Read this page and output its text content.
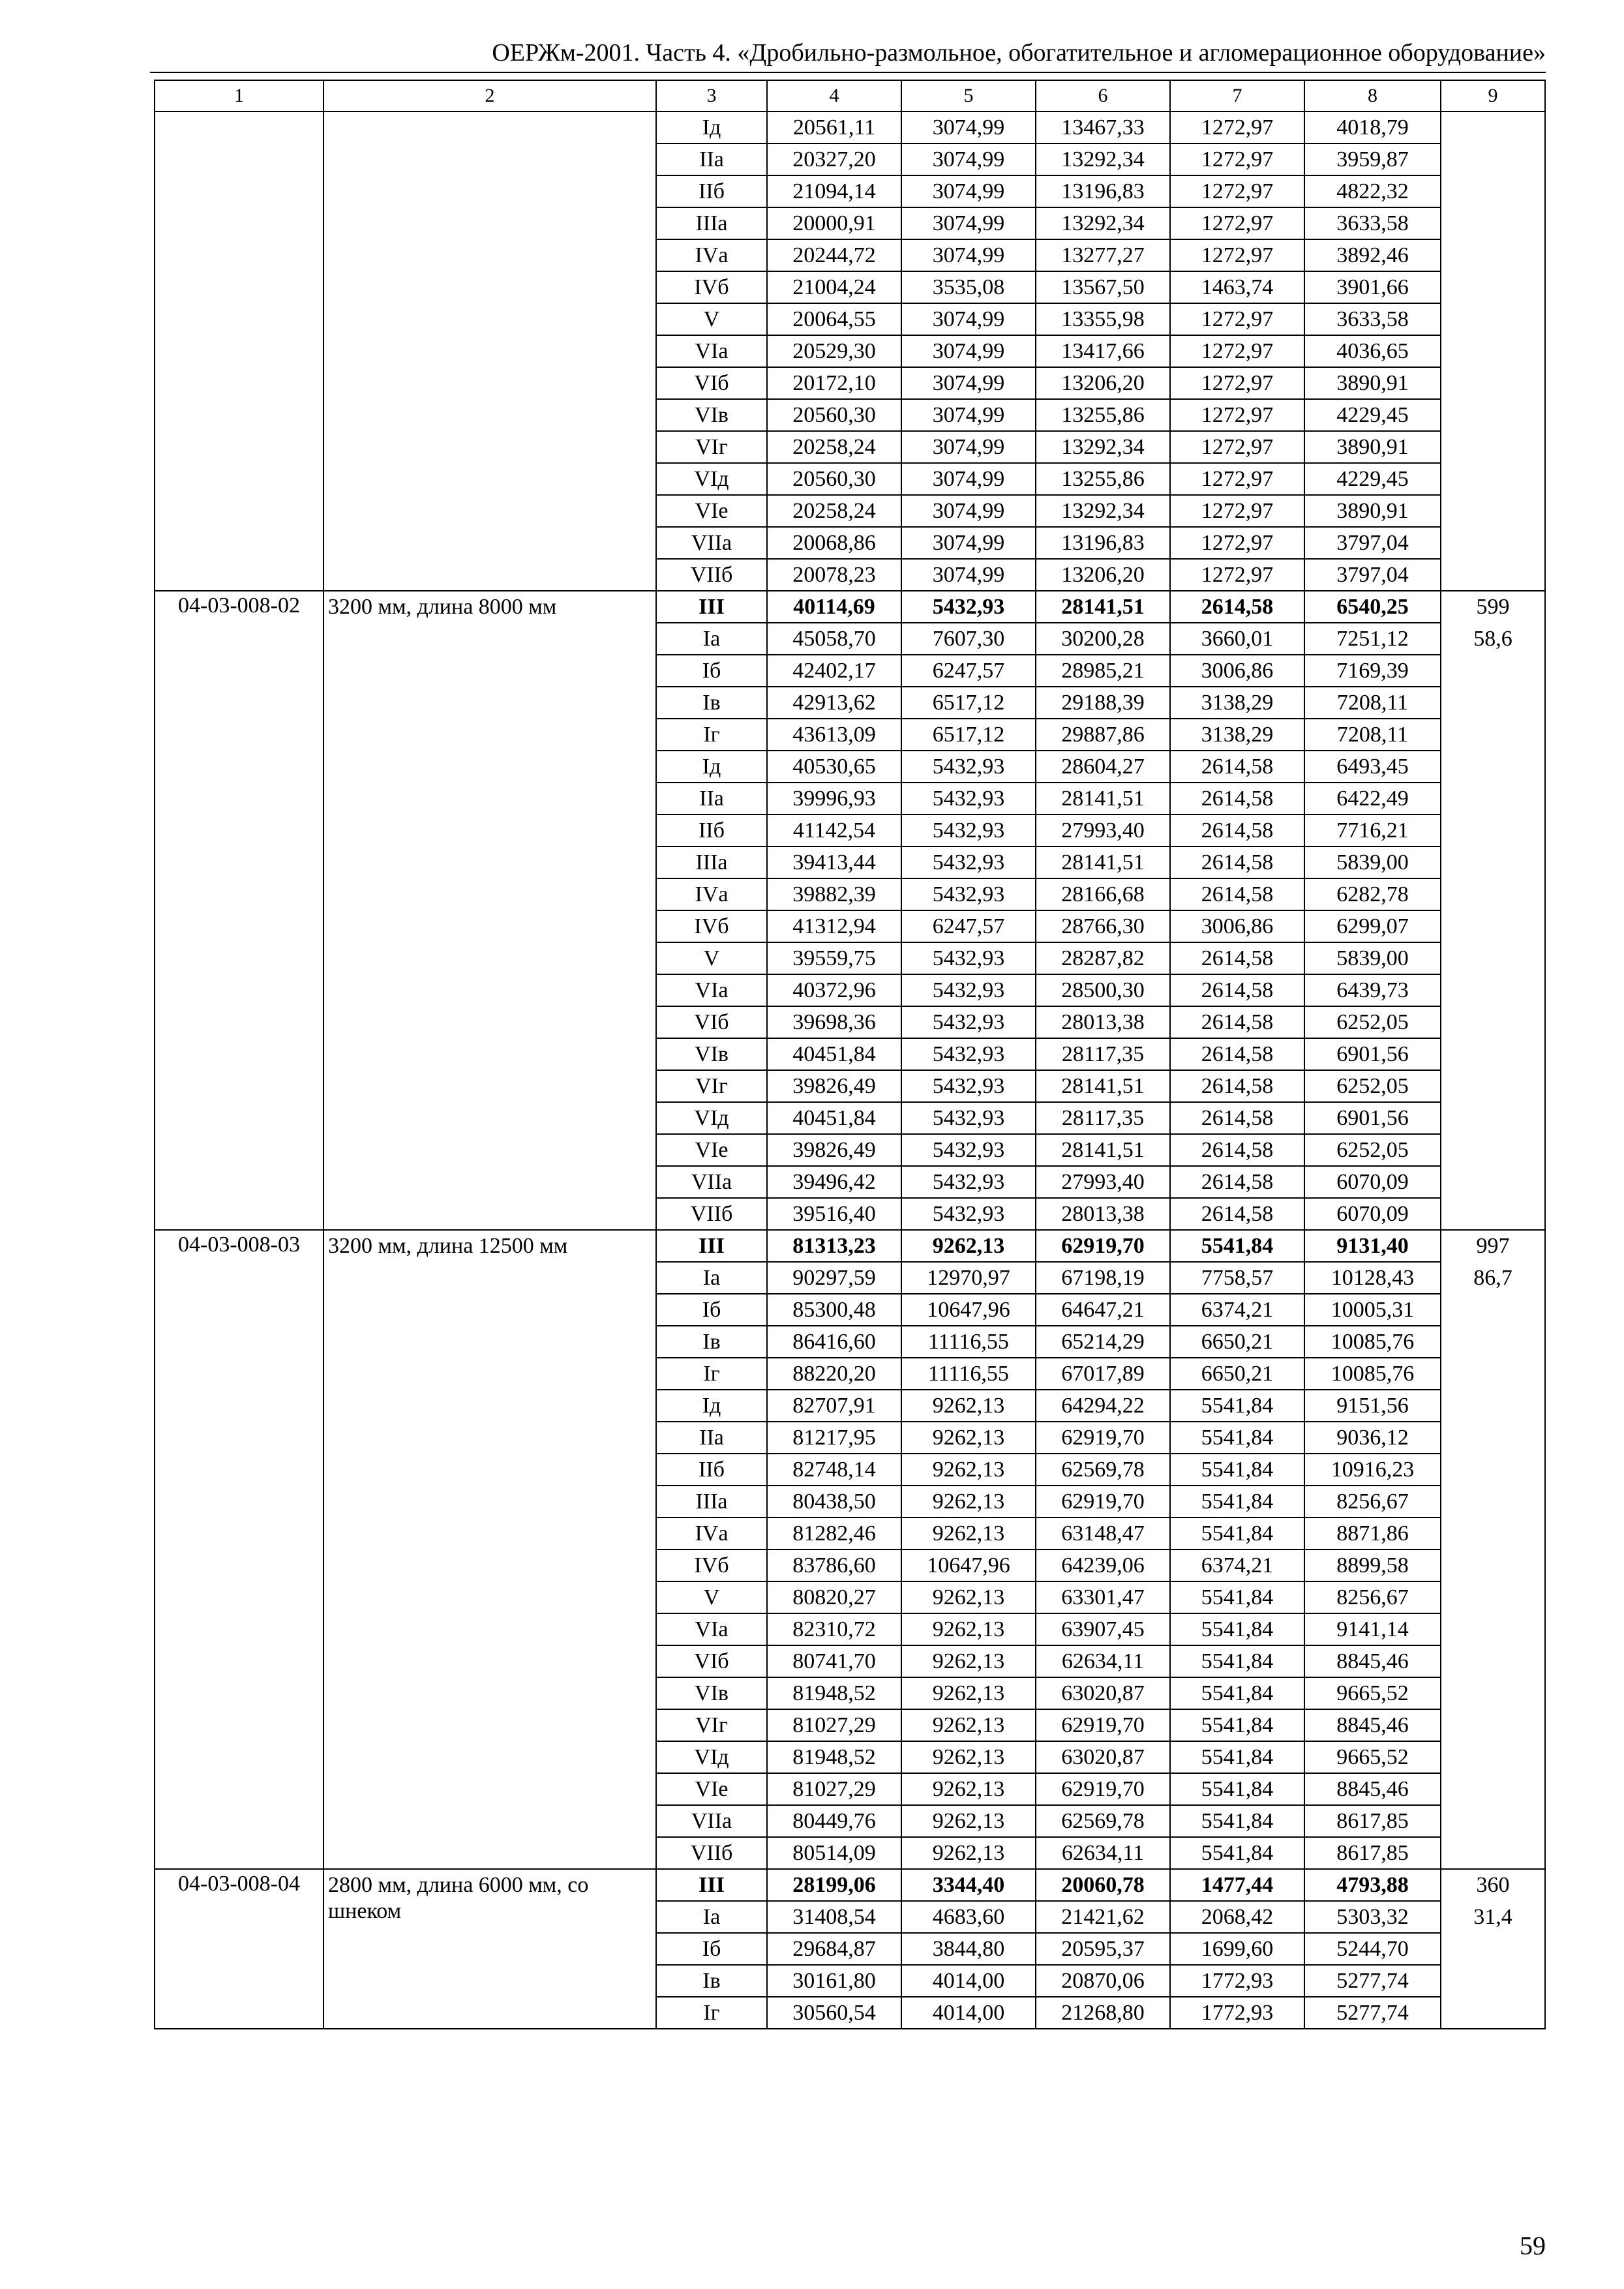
ОЕРЖм-2001. Часть 4. «Дробильно-размольное, обогатительное и агломерационное оборудование»
1	2	3	4	5	6	7	8	9
		Iд	20561,11	3074,99	13467,33	1272,97	4018,79	
		IIа	20327,20	3074,99	13292,34	1272,97	3959,87	
		IIб	21094,14	3074,99	13196,83	1272,97	4822,32	
		IIIа	20000,91	3074,99	13292,34	1272,97	3633,58	
		IVа	20244,72	3074,99	13277,27	1272,97	3892,46	
		IVб	21004,24	3535,08	13567,50	1463,74	3901,66	
		V	20064,55	3074,99	13355,98	1272,97	3633,58	
		VIа	20529,30	3074,99	13417,66	1272,97	4036,65	
		VIб	20172,10	3074,99	13206,20	1272,97	3890,91	
		VIв	20560,30	3074,99	13255,86	1272,97	4229,45	
		VIг	20258,24	3074,99	13292,34	1272,97	3890,91	
		VIд	20560,30	3074,99	13255,86	1272,97	4229,45	
		VIе	20258,24	3074,99	13292,34	1272,97	3890,91	
		VIIа	20068,86	3074,99	13196,83	1272,97	3797,04	
		VIIб	20078,23	3074,99	13206,20	1272,97	3797,04	
04-03-008-02	3200 мм, длина 8000 мм	III	40114,69	5432,93	28141,51	2614,58	6540,25	599
		Iа	45058,70	7607,30	30200,28	3660,01	7251,12	58,6
		Iб	42402,17	6247,57	28985,21	3006,86	7169,39	
		Iв	42913,62	6517,12	29188,39	3138,29	7208,11	
		Iг	43613,09	6517,12	29887,86	3138,29	7208,11	
		Iд	40530,65	5432,93	28604,27	2614,58	6493,45	
		IIа	39996,93	5432,93	28141,51	2614,58	6422,49	
		IIб	41142,54	5432,93	27993,40	2614,58	7716,21	
		IIIа	39413,44	5432,93	28141,51	2614,58	5839,00	
		IVа	39882,39	5432,93	28166,68	2614,58	6282,78	
		IVб	41312,94	6247,57	28766,30	3006,86	6299,07	
		V	39559,75	5432,93	28287,82	2614,58	5839,00	
		VIа	40372,96	5432,93	28500,30	2614,58	6439,73	
		VIб	39698,36	5432,93	28013,38	2614,58	6252,05	
		VIв	40451,84	5432,93	28117,35	2614,58	6901,56	
		VIг	39826,49	5432,93	28141,51	2614,58	6252,05	
		VIд	40451,84	5432,93	28117,35	2614,58	6901,56	
		VIе	39826,49	5432,93	28141,51	2614,58	6252,05	
		VIIа	39496,42	5432,93	27993,40	2614,58	6070,09	
		VIIб	39516,40	5432,93	28013,38	2614,58	6070,09	
04-03-008-03	3200 мм, длина 12500 мм	III	81313,23	9262,13	62919,70	5541,84	9131,40	997
		Iа	90297,59	12970,97	67198,19	7758,57	10128,43	86,7
		Iб	85300,48	10647,96	64647,21	6374,21	10005,31	
		Iв	86416,60	11116,55	65214,29	6650,21	10085,76	
		Iг	88220,20	11116,55	67017,89	6650,21	10085,76	
		Iд	82707,91	9262,13	64294,22	5541,84	9151,56	
		IIа	81217,95	9262,13	62919,70	5541,84	9036,12	
		IIб	82748,14	9262,13	62569,78	5541,84	10916,23	
		IIIа	80438,50	9262,13	62919,70	5541,84	8256,67	
		IVа	81282,46	9262,13	63148,47	5541,84	8871,86	
		IVб	83786,60	10647,96	64239,06	6374,21	8899,58	
		V	80820,27	9262,13	63301,47	5541,84	8256,67	
		VIа	82310,72	9262,13	63907,45	5541,84	9141,14	
		VIб	80741,70	9262,13	62634,11	5541,84	8845,46	
		VIв	81948,52	9262,13	63020,87	5541,84	9665,52	
		VIг	81027,29	9262,13	62919,70	5541,84	8845,46	
		VIд	81948,52	9262,13	63020,87	5541,84	9665,52	
		VIе	81027,29	9262,13	62919,70	5541,84	8845,46	
		VIIа	80449,76	9262,13	62569,78	5541,84	8617,85	
		VIIб	80514,09	9262,13	62634,11	5541,84	8617,85	
04-03-008-04	2800 мм, длина 6000 мм, со шнеком	III	28199,06	3344,40	20060,78	1477,44	4793,88	360
		Iа	31408,54	4683,60	21421,62	2068,42	5303,32	31,4
		Iб	29684,87	3844,80	20595,37	1699,60	5244,70	
		Iв	30161,80	4014,00	20870,06	1772,93	5277,74	
		Iг	30560,54	4014,00	21268,80	1772,93	5277,74	
59
